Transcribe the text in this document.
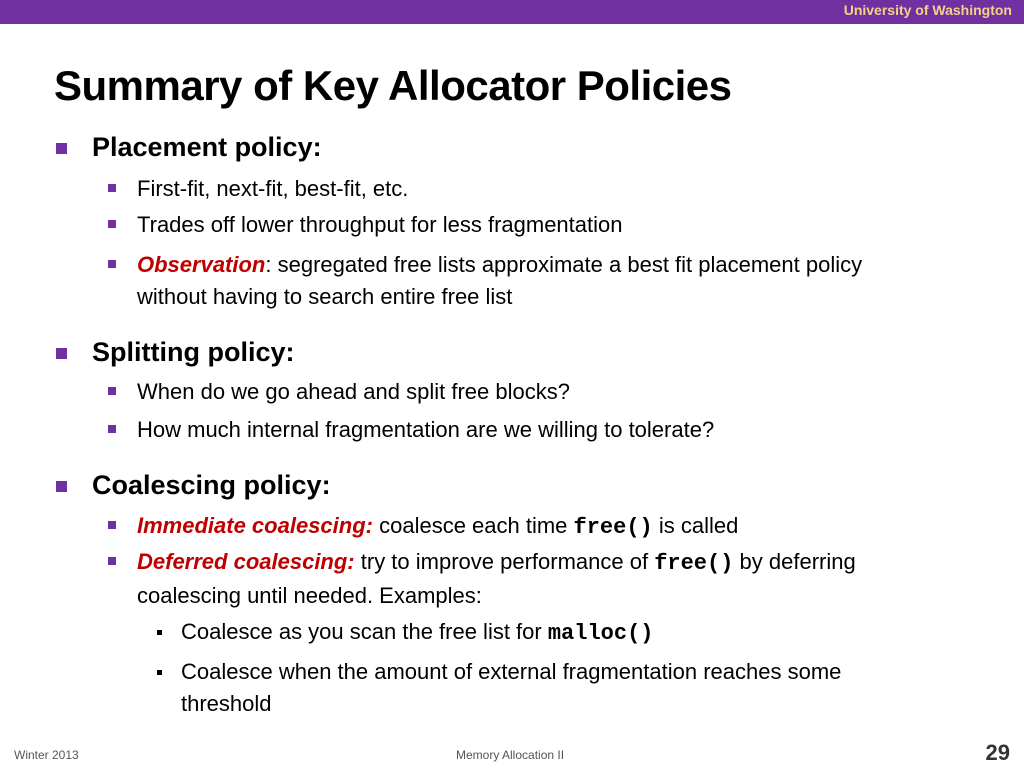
University of Washington
Summary of Key Allocator Policies
Placement policy:
First-fit, next-fit, best-fit, etc.
Trades off lower throughput for less fragmentation
Observation: segregated free lists approximate a best fit placement policy without having to search entire free list
Splitting policy:
When do we go ahead and split free blocks?
How much internal fragmentation are we willing to tolerate?
Coalescing policy:
Immediate coalescing: coalesce each time free() is called
Deferred coalescing: try to improve performance of free() by deferring coalescing until needed. Examples:
Coalesce as you scan the free list for malloc()
Coalesce when the amount of external fragmentation reaches some threshold
Winter 2013	Memory Allocation II	29
